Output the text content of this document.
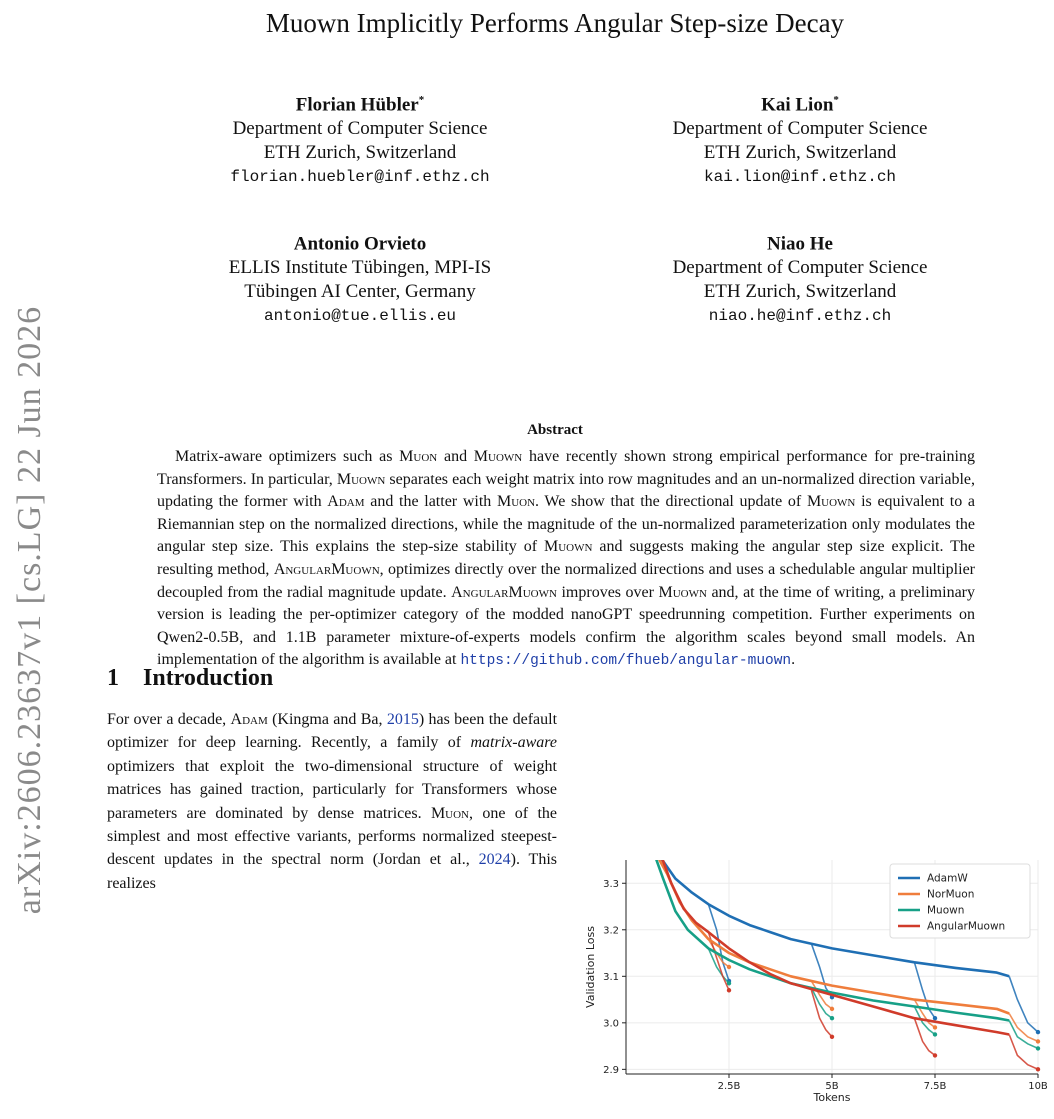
arXiv:2606.23637v1 [cs.LG] 22 Jun 2026
Muown Implicitly Performs Angular Step-size Decay
Florian Hübler*
Department of Computer Science
ETH Zurich, Switzerland
florian.huebler@inf.ethz.ch
Kai Lion*
Department of Computer Science
ETH Zurich, Switzerland
kai.lion@inf.ethz.ch
Antonio Orvieto
ELLIS Institute Tübingen, MPI-IS
Tübingen AI Center, Germany
antonio@tue.ellis.eu
Niao He
Department of Computer Science
ETH Zurich, Switzerland
niao.he@inf.ethz.ch
Abstract
Matrix-aware optimizers such as Muon and Muown have recently shown strong empirical performance for pre-training Transformers. In particular, Muown separates each weight matrix into row magnitudes and an un-normalized direction variable, updating the former with Adam and the latter with Muon. We show that the directional update of Muown is equivalent to a Riemannian step on the normalized directions, while the magnitude of the un-normalized parameterization only modulates the angular step size. This explains the step-size stability of Muown and suggests making the angular step size explicit. The resulting method, AngularMuown, optimizes directly over the normalized directions and uses a schedulable angular multiplier decoupled from the radial magnitude update. AngularMuown improves over Muown and, at the time of writing, a preliminary version is leading the per-optimizer category of the modded nanoGPT speedrunning competition. Further experiments on Qwen2-0.5B, and 1.1B parameter mixture-of-experts models confirm the algorithm scales beyond small models. An implementation of the algorithm is available at https://github.com/fhueb/angular-muown.
1 Introduction
For over a decade, Adam (Kingma and Ba, 2015) has been the default optimizer for deep learning. Recently, a family of matrix-aware optimizers that exploit the two-dimensional structure of weight matrices has gained traction, particularly for Transformers whose parameters are dominated by dense matrices. Muon, one of the simplest and most effective variants, performs normalized steepest-descent updates in the spectral norm (Jordan et al., 2024). This realizes
2.9
3.0
3.1
3.2
3.3
2.5B	5B	7.5B	10B
Tokens
Validation Loss
AdamW
NorMuon
Muown
AngularMuown
